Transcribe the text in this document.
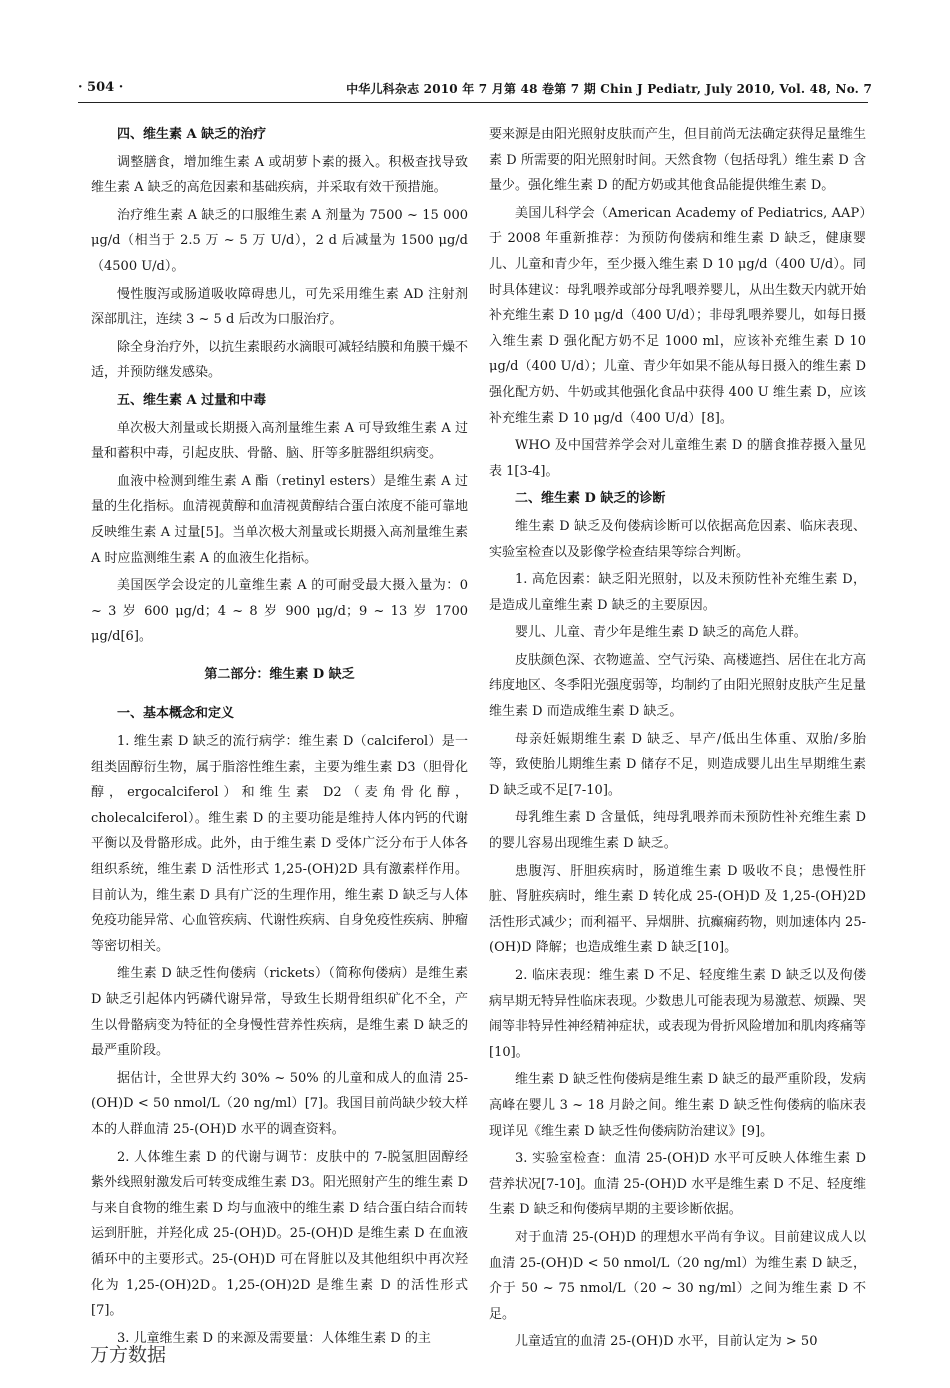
· 504 ·	中华儿科杂志 2010 年 7 月第 48 卷第 7 期 Chin J Pediatr, July 2010, Vol. 48, No. 7

四、维生素 A 缺乏的治疗

调整膳食，增加维生素 A 或胡萝卜素的摄入。积极查找导致维生素 A 缺乏的高危因素和基础疾病，并采取有效干预措施。

治疗维生素 A 缺乏的口服维生素 A 剂量为 7500 ~ 15 000 μg/d（相当于 2.5 万 ~ 5 万 U/d），2 d 后减量为 1500 μg/d（4500 U/d）。

慢性腹泻或肠道吸收障碍患儿，可先采用维生素 AD 注射剂深部肌注，连续 3 ~ 5 d 后改为口服治疗。

除全身治疗外，以抗生素眼药水滴眼可减轻结膜和角膜干燥不适，并预防继发感染。

五、维生素 A 过量和中毒

单次极大剂量或长期摄入高剂量维生素 A 可导致维生素 A 过量和蓄积中毒，引起皮肤、骨骼、脑、肝等多脏器组织病变。

血液中检测到维生素 A 酯（retinyl esters）是维生素 A 过量的生化指标。血清视黄醇和血清视黄醇结合蛋白浓度不能可靠地反映维生素 A 过量[5]。当单次极大剂量或长期摄入高剂量维生素 A 时应监测维生素 A 的血液生化指标。

美国医学会设定的儿童维生素 A 的可耐受最大摄入量为：0 ~ 3 岁 600 μg/d；4 ~ 8 岁 900 μg/d；9 ~ 13 岁 1700 μg/d[6]。

第二部分：维生素 D 缺乏

一、基本概念和定义

1. 维生素 D 缺乏的流行病学：维生素 D（calciferol）是一组类固醇衍生物，属于脂溶性维生素，主要为维生素 D3（胆骨化醇，ergocalciferol）和维生素 D2（麦角骨化醇，cholecalciferol）。维生素 D 的主要功能是维持人体内钙的代谢平衡以及骨骼形成。此外，由于维生素 D 受体广泛分布于人体各组织系统，维生素 D 活性形式 1,25-(OH)2D 具有激素样作用。目前认为，维生素 D 具有广泛的生理作用，维生素 D 缺乏与人体免疫功能异常、心血管疾病、代谢性疾病、自身免疫性疾病、肿瘤等密切相关。

维生素 D 缺乏性佝偻病（rickets）（简称佝偻病）是维生素 D 缺乏引起体内钙磷代谢异常，导致生长期骨组织矿化不全，产生以骨骼病变为特征的全身慢性营养性疾病，是维生素 D 缺乏的最严重阶段。

据估计，全世界大约 30% ~ 50% 的儿童和成人的血清 25-(OH)D < 50 nmol/L（20 ng/ml）[7]。我国目前尚缺少较大样本的人群血清 25-(OH)D 水平的调查资料。

2. 人体维生素 D 的代谢与调节：皮肤中的 7-脱氢胆固醇经紫外线照射激发后可转变成维生素 D3。阳光照射产生的维生素 D 与来自食物的维生素 D 均与血液中的维生素 D 结合蛋白结合而转运到肝脏，并羟化成 25-(OH)D。25-(OH)D 是维生素 D 在血液循环中的主要形式。25-(OH)D 可在肾脏以及其他组织中再次羟化为 1,25-(OH)2D。1,25-(OH)2D 是维生素 D 的活性形式[7]。

3. 儿童维生素 D 的来源及需要量：人体维生素 D 的主

要来源是由阳光照射皮肤而产生，但目前尚无法确定获得足量维生素 D 所需要的阳光照射时间。天然食物（包括母乳）维生素 D 含量少。强化维生素 D 的配方奶或其他食品能提供维生素 D。

美国儿科学会（American Academy of Pediatrics, AAP）于 2008 年重新推荐：为预防佝偻病和维生素 D 缺乏，健康婴儿、儿童和青少年，至少摄入维生素 D 10 μg/d（400 U/d）。同时具体建议：母乳喂养或部分母乳喂养婴儿，从出生数天内就开始补充维生素 D 10 μg/d（400 U/d）；非母乳喂养婴儿，如每日摄入维生素 D 强化配方奶不足 1000 ml，应该补充维生素 D 10 μg/d（400 U/d）；儿童、青少年如果不能从每日摄入的维生素 D 强化配方奶、牛奶或其他强化食品中获得 400 U 维生素 D，应该补充维生素 D 10 μg/d（400 U/d）[8]。

WHO 及中国营养学会对儿童维生素 D 的膳食推荐摄入量见表 1[3-4]。

二、维生素 D 缺乏的诊断

维生素 D 缺乏及佝偻病诊断可以依据高危因素、临床表现、实验室检查以及影像学检查结果等综合判断。

1. 高危因素：缺乏阳光照射，以及未预防性补充维生素 D，是造成儿童维生素 D 缺乏的主要原因。

婴儿、儿童、青少年是维生素 D 缺乏的高危人群。

皮肤颜色深、衣物遮盖、空气污染、高楼遮挡、居住在北方高纬度地区、冬季阳光强度弱等，均制约了由阳光照射皮肤产生足量维生素 D 而造成维生素 D 缺乏。

母亲妊娠期维生素 D 缺乏、早产/低出生体重、双胎/多胎等，致使胎儿期维生素 D 储存不足，则造成婴儿出生早期维生素 D 缺乏或不足[7-10]。

母乳维生素 D 含量低，纯母乳喂养而未预防性补充维生素 D 的婴儿容易出现维生素 D 缺乏。

患腹泻、肝胆疾病时，肠道维生素 D 吸收不良；患慢性肝脏、肾脏疾病时，维生素 D 转化成 25-(OH)D 及 1,25-(OH)2D 活性形式减少；而利福平、异烟肼、抗癫痫药物，则加速体内 25-(OH)D 降解；也造成维生素 D 缺乏[10]。

2. 临床表现：维生素 D 不足、轻度维生素 D 缺乏以及佝偻病早期无特异性临床表现。少数患儿可能表现为易激惹、烦躁、哭闹等非特异性神经精神症状，或表现为骨折风险增加和肌肉疼痛等[10]。

维生素 D 缺乏性佝偻病是维生素 D 缺乏的最严重阶段，发病高峰在婴儿 3 ~ 18 月龄之间。维生素 D 缺乏性佝偻病的临床表现详见《维生素 D 缺乏性佝偻病防治建议》[9]。

3. 实验室检查：血清 25-(OH)D 水平可反映人体维生素 D 营养状况[7-10]。血清 25-(OH)D 水平是维生素 D 不足、轻度维生素 D 缺乏和佝偻病早期的主要诊断依据。

对于血清 25-(OH)D 的理想水平尚有争议。目前建议成人以血清 25-(OH)D < 50 nmol/L（20 ng/ml）为维生素 D 缺乏，介于 50 ~ 75 nmol/L（20 ~ 30 ng/ml）之间为维生素 D 不足。

儿童适宜的血清 25-(OH)D 水平，目前认定为 > 50

万方数据
